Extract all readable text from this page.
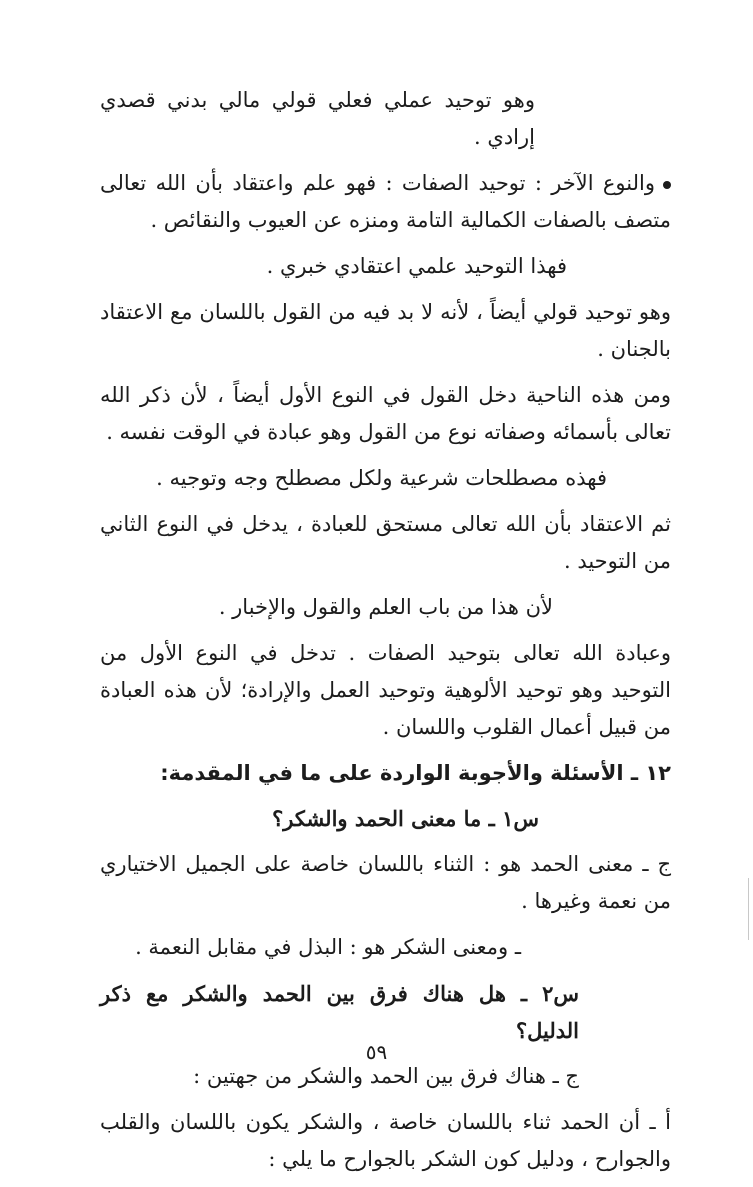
وهو توحيد عملي فعلي قولي مالي بدني قصدي إرادي .

والنوع الآخر : توحيد الصفات : فهو علم واعتقاد بأن الله تعالى متصف بالصفات الكمالية التامة ومنزه عن العيوب والنقائص .

فهذا التوحيد علمي اعتقادي خبري .

وهو توحيد قولي أيضاً ، لأنه لا بد فيه من القول باللسان مع الاعتقاد بالجنان .

ومن هذه الناحية دخل القول في النوع الأول أيضاً ، لأن ذكر الله تعالى بأسمائه وصفاته نوع من القول وهو عبادة في الوقت نفسه .

فهذه مصطلحات شرعية ولكل مصطلح وجه وتوجيه .

ثم الاعتقاد بأن الله تعالى مستحق للعبادة ، يدخل في النوع الثاني من التوحيد .

لأن هذا من باب العلم والقول والإخبار .

وعبادة الله تعالى بتوحيد الصفات . تدخل في النوع الأول من التوحيد وهو توحيد الألوهية وتوحيد العمل والإرادة؛ لأن هذه العبادة من قبيل أعمال القلوب واللسان .

١٢ ـ الأسئلة والأجوبة الواردة على ما في المقدمة:

س١ ـ ما معنى الحمد والشكر؟

ج ـ معنى الحمد هو : الثناء باللسان خاصة على الجميل الاختياري من نعمة وغيرها .

ـ ومعنى الشكر هو : البذل في مقابل النعمة .

س٢ ـ هل هناك فرق بين الحمد والشكر مع ذكر الدليل؟

ج ـ هناك فرق بين الحمد والشكر من جهتين :

أ ـ أن الحمد ثناء باللسان خاصة ، والشكر يكون باللسان والقلب والجوارح ، ودليل كون الشكر بالجوارح ما يلي :

٥٩
